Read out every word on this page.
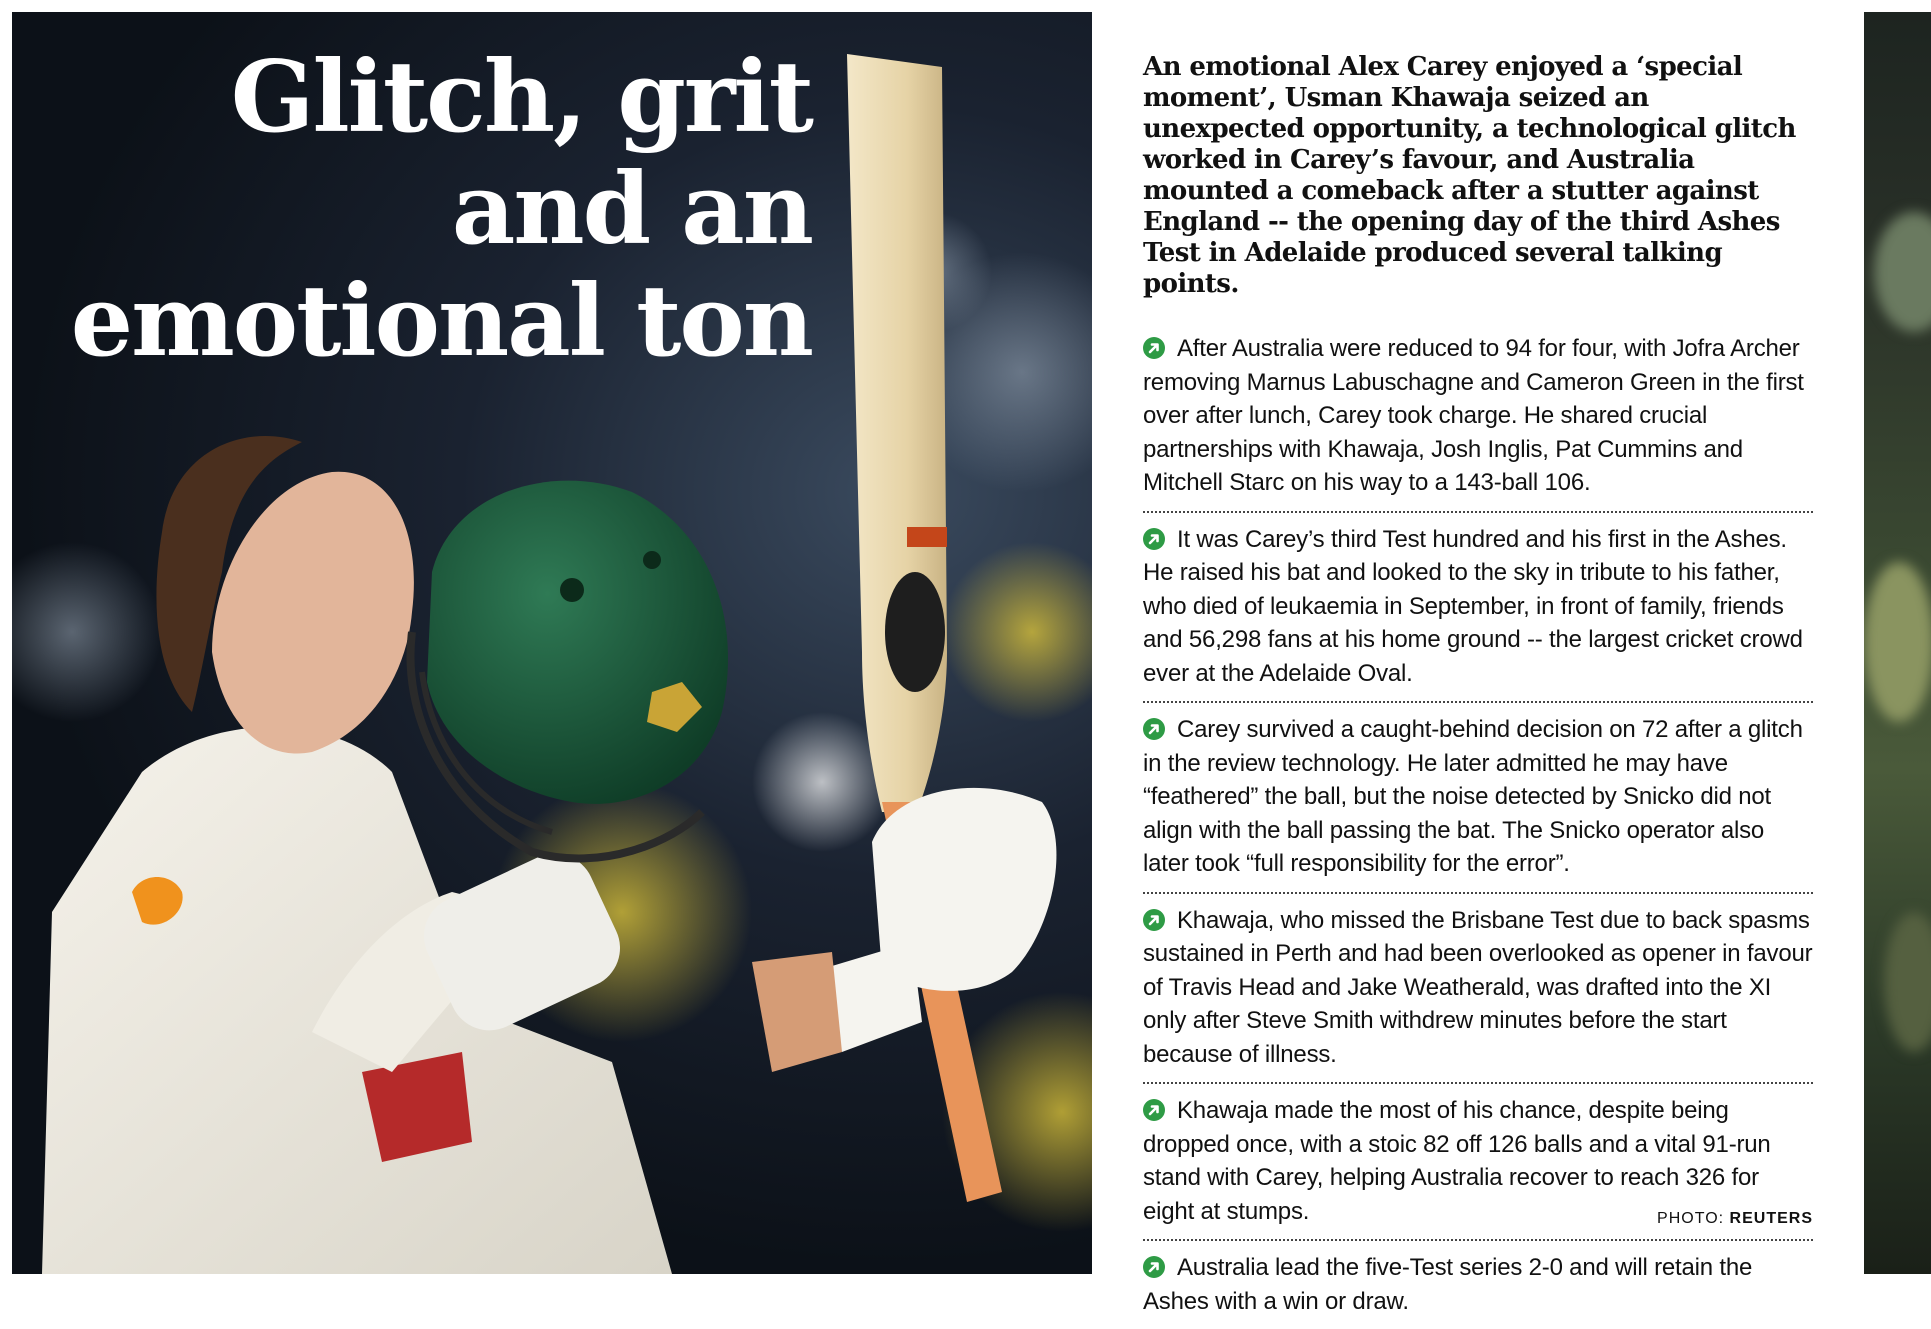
Glitch, grit
and an
emotional ton

An emotional Alex Carey enjoyed a ‘special moment’, Usman Khawaja seized an unexpected opportunity, a technological glitch worked in Carey’s favour, and Australia mounted a comeback after a stutter against England -- the opening day of the third Ashes Test in Adelaide produced several talking points.

After Australia were reduced to 94 for four, with Jofra Archer removing Marnus Labuschagne and Cameron Green in the first over after lunch, Carey took charge. He shared crucial partnerships with Khawaja, Josh Inglis, Pat Cummins and Mitchell Starc on his way to a 143-ball 106.
It was Carey’s third Test hundred and his first in the Ashes. He raised his bat and looked to the sky in tribute to his father, who died of leukaemia in September, in front of family, friends and 56,298 fans at his home ground -- the largest cricket crowd ever at the Adelaide Oval.
Carey survived a caught-behind decision on 72 after a glitch in the review technology. He later admitted he may have “feathered” the ball, but the noise detected by Snicko did not align with the ball passing the bat. The Snicko operator also later took “full responsibility for the error”.
Khawaja, who missed the Brisbane Test due to back spasms sustained in Perth and had been overlooked as opener in favour of Travis Head and Jake Weatherald, was drafted into the XI only after Steve Smith withdrew minutes before the start because of illness.
Khawaja made the most of his chance, despite being dropped once, with a stoic 82 off 126 balls and a vital 91-run stand with Carey, helping Australia recover to reach 326 for eight at stumps.
Australia lead the five-Test series 2-0 and will retain the Ashes with a win or draw.
PHOTO: REUTERS
